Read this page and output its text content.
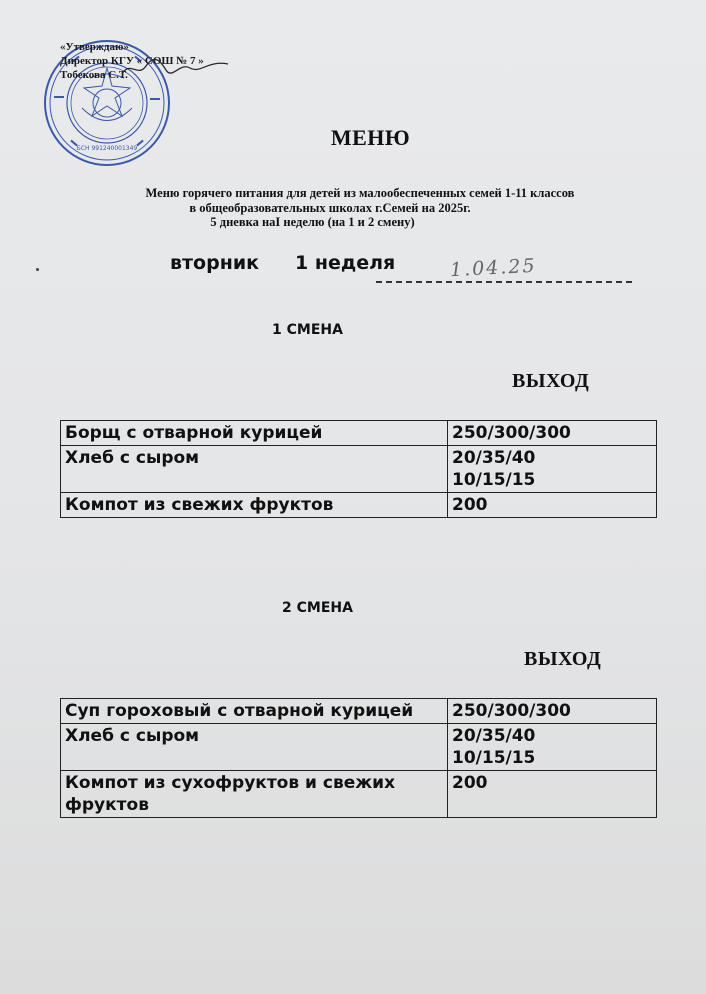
БСН 991240001349
«Утверждаю»
Директор КГУ « СОШ № 7 »
Тобекова С.Т.
МЕНЮ
Меню горячего питания для детей из малообеспеченных семей 1-11 классов
в общеобразовательных школах г.Семей на 2025г.
5 дневка наI неделю (на 1 и 2 смену)
вторник 1 неделя	1.04.25
1 СМЕНА
ВЫХОД
Борщ с отварной курицей	250/300/300

Хлеб с сыром	20/35/40
10/15/15

Компот из свежих фруктов	200
2 СМЕНА
ВЫХОД
Суп гороховый с отварной курицей	250/300/300

Хлеб с сыром	20/35/40
10/15/15

Компот из сухофруктов и свежих фруктов	200
